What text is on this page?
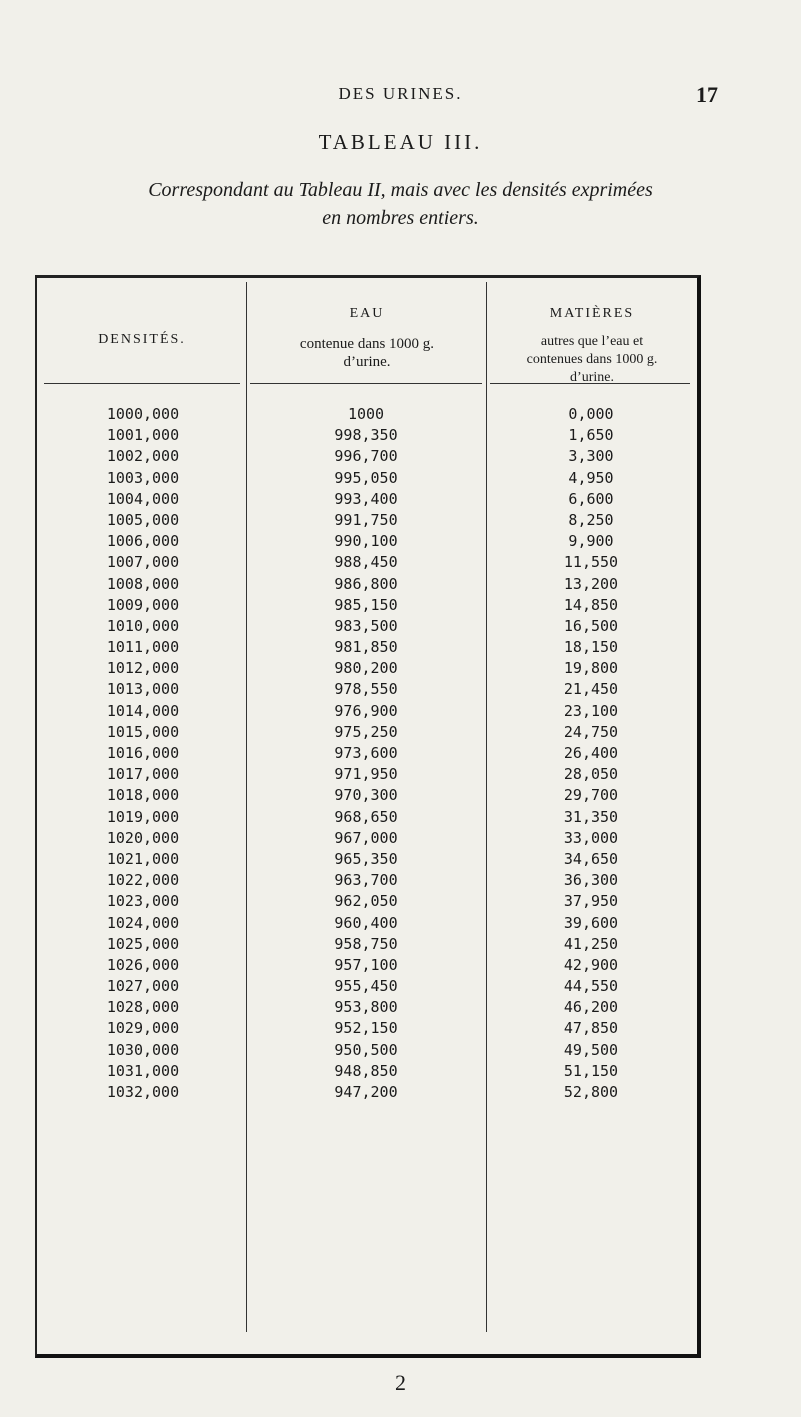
DES URINES.	17
TABLEAU III.
Correspondant au Tableau II, mais avec les densités exprimées
en nombres entiers.
DENSITÉS.
EAU
contenue dans 1000 g.
d’urine.
MATIÈRES
autres que l’eau et
contenues dans 1000 g.
d’urine.
1000,000	1000	0,000
1001,000	998,350	1,650
1002,000	996,700	3,300
1003,000	995,050	4,950
1004,000	993,400	6,600
1005,000	991,750	8,250
1006,000	990,100	9,900
1007,000	988,450	11,550
1008,000	986,800	13,200
1009,000	985,150	14,850
1010,000	983,500	16,500
1011,000	981,850	18,150
1012,000	980,200	19,800
1013,000	978,550	21,450
1014,000	976,900	23,100
1015,000	975,250	24,750
1016,000	973,600	26,400
1017,000	971,950	28,050
1018,000	970,300	29,700
1019,000	968,650	31,350
1020,000	967,000	33,000
1021,000	965,350	34,650
1022,000	963,700	36,300
1023,000	962,050	37,950
1024,000	960,400	39,600
1025,000	958,750	41,250
1026,000	957,100	42,900
1027,000	955,450	44,550
1028,000	953,800	46,200
1029,000	952,150	47,850
1030,000	950,500	49,500
1031,000	948,850	51,150
1032,000	947,200	52,800
2
